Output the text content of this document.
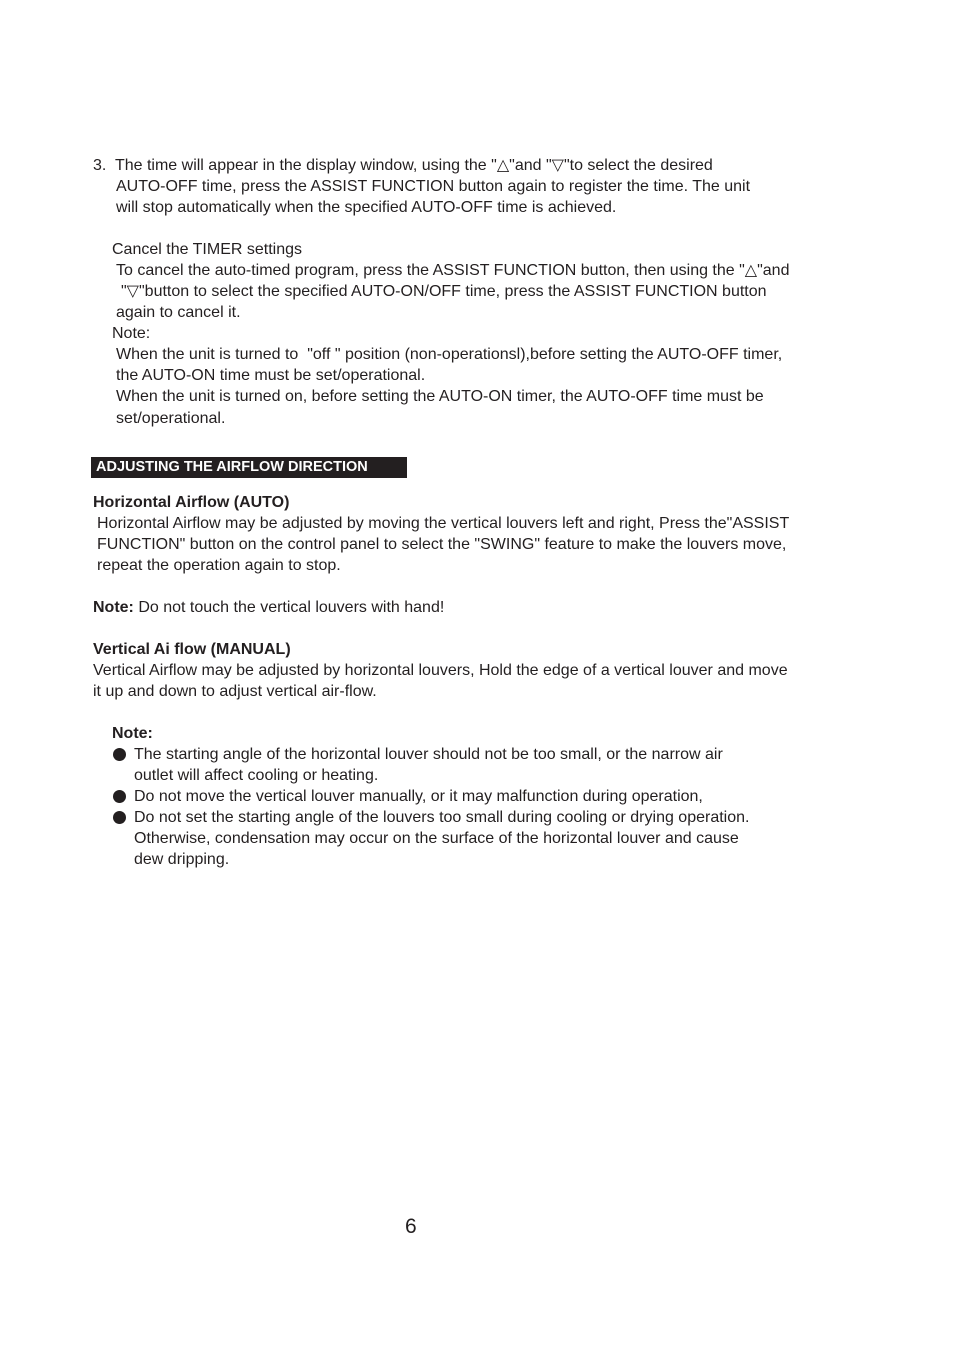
3.  The time will appear in the display window, using the "△"and "▽"to select the desired
AUTO-OFF time, press the ASSIST FUNCTION button again to register the time. The unit
will stop automatically when the specified AUTO-OFF time is achieved.
Cancel the TIMER settings
To cancel the auto-timed program, press the ASSIST FUNCTION button, then using the "△"and
"▽"button to select the specified AUTO-ON/OFF time, press the ASSIST FUNCTION button
again to cancel it.
Note:
When the unit is turned to  "off " position (non-operationsl),before setting the AUTO-OFF timer,
the AUTO-ON time must be set/operational.
When the unit is turned on, before setting the AUTO-ON timer, the AUTO-OFF time must be
set/operational.
ADJUSTING THE AIRFLOW DIRECTION
Horizontal Airflow (AUTO)
Horizontal Airflow may be adjusted by moving the vertical louvers left and right, Press the"ASSIST
FUNCTION" button on the control panel to select the "SWING" feature to make the louvers move,
repeat the operation again to stop.
Note: Do not touch the vertical louvers with hand!
Vertical Ai flow (MANUAL)
Vertical Airflow may be adjusted by horizontal louvers, Hold the edge of a vertical louver and move
it up and down to adjust vertical air-flow.
Note:
The starting angle of the horizontal louver should not be too small, or the narrow air
outlet will affect cooling or heating.
Do not move the vertical louver manually, or it may malfunction during operation,
Do not set the starting angle of the louvers too small during cooling or drying operation.
Otherwise, condensation may occur on the surface of the horizontal louver and cause
dew dripping.
6
